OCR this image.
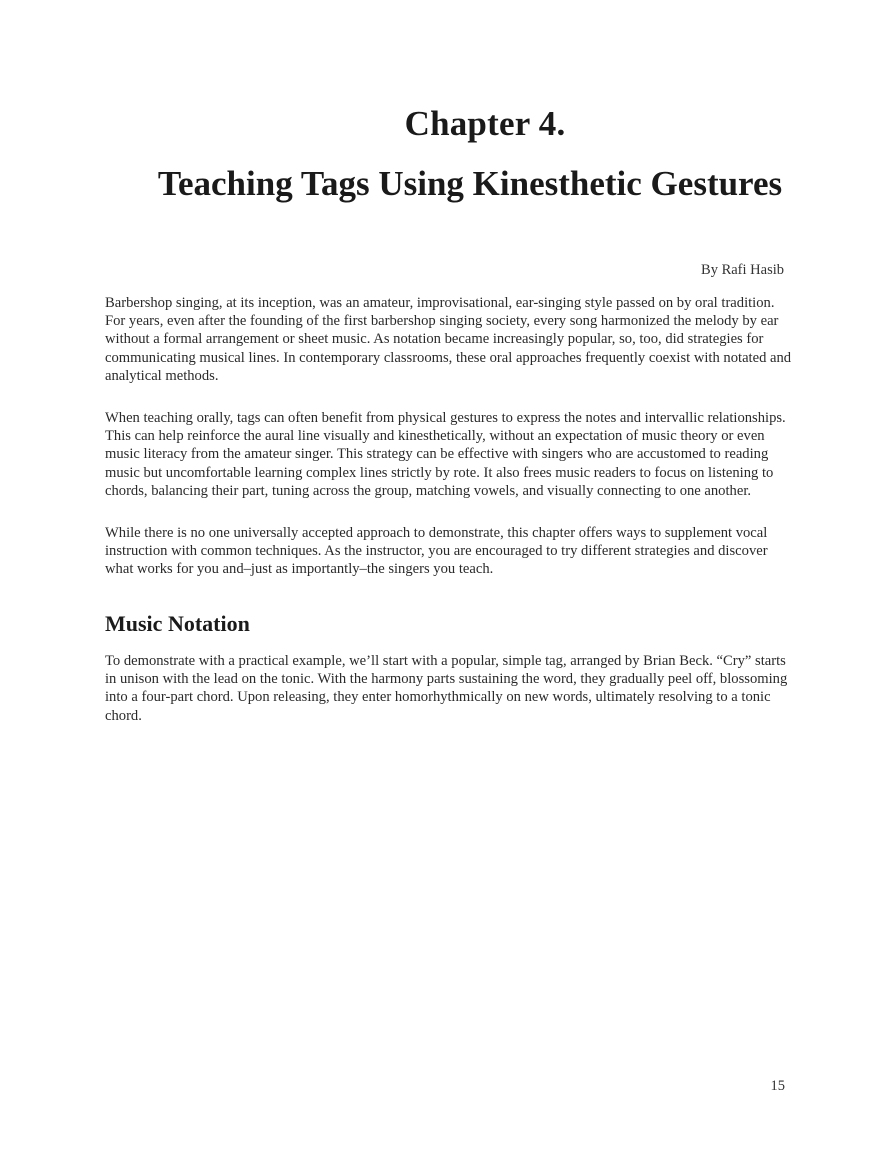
Chapter 4.
Teaching Tags Using Kinesthetic Gestures

By Rafi Hasib

Barbershop singing, at its inception, was an amateur, improvisational, ear-singing style passed on by oral tradition. For years, even after the founding of the first barbershop singing society, every song harmonized the melody by ear without a formal arrangement or sheet music. As notation became increasingly popular, so, too, did strategies for communicating musical lines. In contemporary classrooms, these oral approaches frequently coexist with notated and analytical methods.

When teaching orally, tags can often benefit from physical gestures to express the notes and intervallic relationships. This can help reinforce the aural line visually and kinesthetically, without an expectation of music theory or even music literacy from the amateur singer. This strategy can be effective with singers who are accustomed to reading music but uncomfortable learning complex lines strictly by rote. It also frees music readers to focus on listening to chords, balancing their part, tuning across the group, matching vowels, and visually connecting to one another.

While there is no one universally accepted approach to demonstrate, this chapter offers ways to supplement vocal instruction with common techniques. As the instructor, you are encouraged to try different strategies and discover what works for you and–just as importantly–the singers you teach.

Music Notation

To demonstrate with a practical example, we’ll start with a popular, simple tag, arranged by Brian Beck. “Cry” starts in unison with the lead on the tonic. With the harmony parts sustaining the word, they gradually peel off, blossoming into a four-part chord. Upon releasing, they enter homorhythmically on new words, ultimately resolving to a tonic chord.

15
